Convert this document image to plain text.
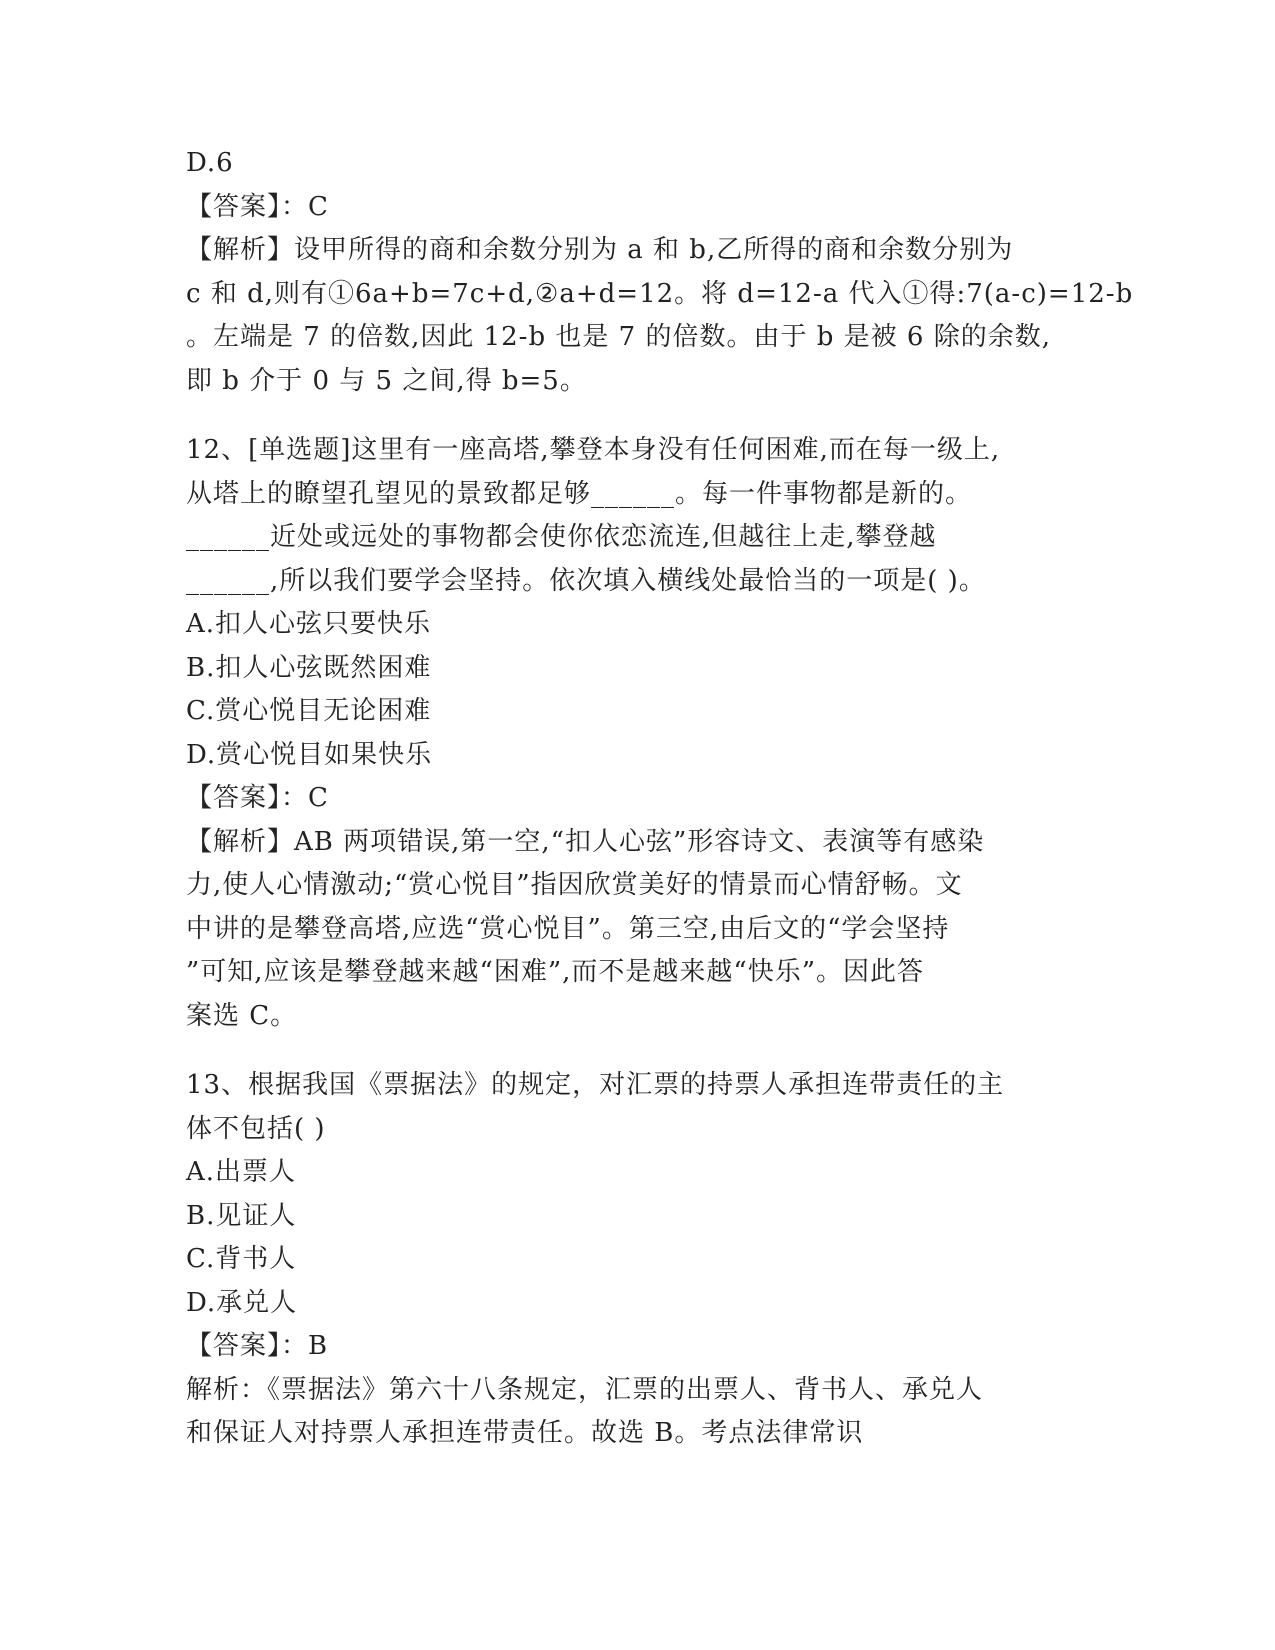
D.6
【答案】：C
【解析】设甲所得的商和余数分别为 a 和 b,乙所得的商和余数分别为
c 和 d,则有①6a+b=7c+d,②a+d=12。将 d=12-a 代入①得:7(a-c)=12-b
。左端是 7 的倍数,因此 12-b 也是 7 的倍数。由于 b 是被 6 除的余数,
即 b 介于 0 与 5 之间,得 b=5。
12、[单选题]这里有一座高塔,攀登本身没有任何困难,而在每一级上,
从塔上的瞭望孔望见的景致都足够______。每一件事物都是新的。
______近处或远处的事物都会使你依恋流连,但越往上走,攀登越
______,所以我们要学会坚持。依次填入横线处最恰当的一项是( )。
A.扣人心弦只要快乐
B.扣人心弦既然困难
C.赏心悦目无论困难
D.赏心悦目如果快乐
【答案】：C
【解析】AB 两项错误,第一空,“扣人心弦”形容诗文、表演等有感染
力,使人心情激动;“赏心悦目”指因欣赏美好的情景而心情舒畅。文
中讲的是攀登高塔,应选“赏心悦目”。第三空,由后文的“学会坚持
”可知,应该是攀登越来越“困难”,而不是越来越“快乐”。因此答
案选 C。
13、根据我国《票据法》的规定，对汇票的持票人承担连带责任的主
体不包括( )
A.出票人
B.见证人
C.背书人
D.承兑人
【答案】：B
解析：《票据法》第六十八条规定，汇票的出票人、背书人、承兑人
和保证人对持票人承担连带责任。故选 B。考点法律常识
